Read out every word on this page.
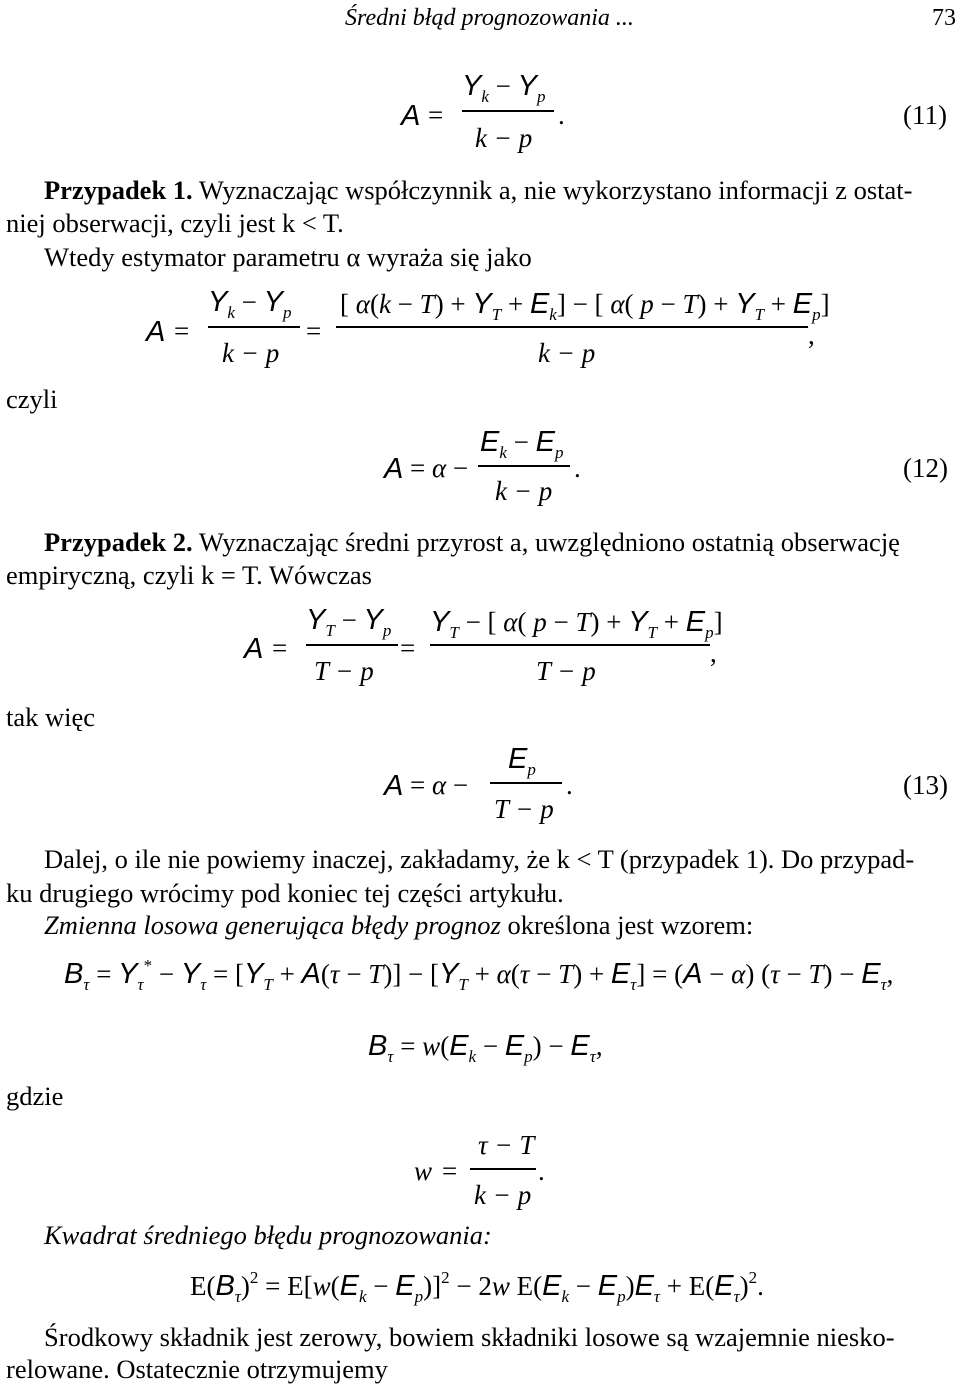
Średni błąd prognozowania ...	73
A =
$Y_k - Y_p$
k − p
.	(11)
Przypadek 1. Wyznaczając współczynnik a, nie wykorzystano informacji z ostat-
niej obserwacji, czyli jest k < T.
Wtedy estymator parametru α wyraża się jako
A =
$Y_k - Y_p$
k − p
=
[ $\alpha(k - T) + Y_T + E_k$] − [ α( $p - T) + Y_T + E_p$]
k − p
,
czyli
A = α −
$E_k - E_p$
k − p
.	(12)
Przypadek 2. Wyznaczając średni przyrost a, uwzględniono ostatnią obserwację
empiryczną, czyli k = T. Wówczas
A =
$Y_T - Y_p$
T − p
=
$Y_T$ − [ α( $p - T) + Y_T + E_p$]
T − p
,
tak więc
A = α −
$E_p$
T − p
.	(13)
Dalej, o ile nie powiemy inaczej, zakładamy, że k < T (przypadek 1). Do przypad-
ku drugiego wrócimy pod koniec tej części artykułu.
Zmienna losowa generująca błędy prognoz określona jest wzorem:
$B_\tau = Y_\tau^* - Y_\tau = [Y_T + A(\tau - T)] - [Y_T + \alpha(\tau - T) + E_\tau] = (A - \alpha) (\tau - T) - E_\tau$,
$B_\tau = w(E_k - E_p) - E_\tau$,
gdzie
w =
τ − T
k − p
.
Kwadrat średniego błędu prognozowania:
$E(B_\tau)^2 = E[w(E_k - E_p)]^2 - 2w$ $E(E_k - E_p)E_\tau + E(E_\tau)^2$.
Środkowy składnik jest zerowy, bowiem składniki losowe są wzajemnie niesko-
relowane. Ostatecznie otrzymujemy
